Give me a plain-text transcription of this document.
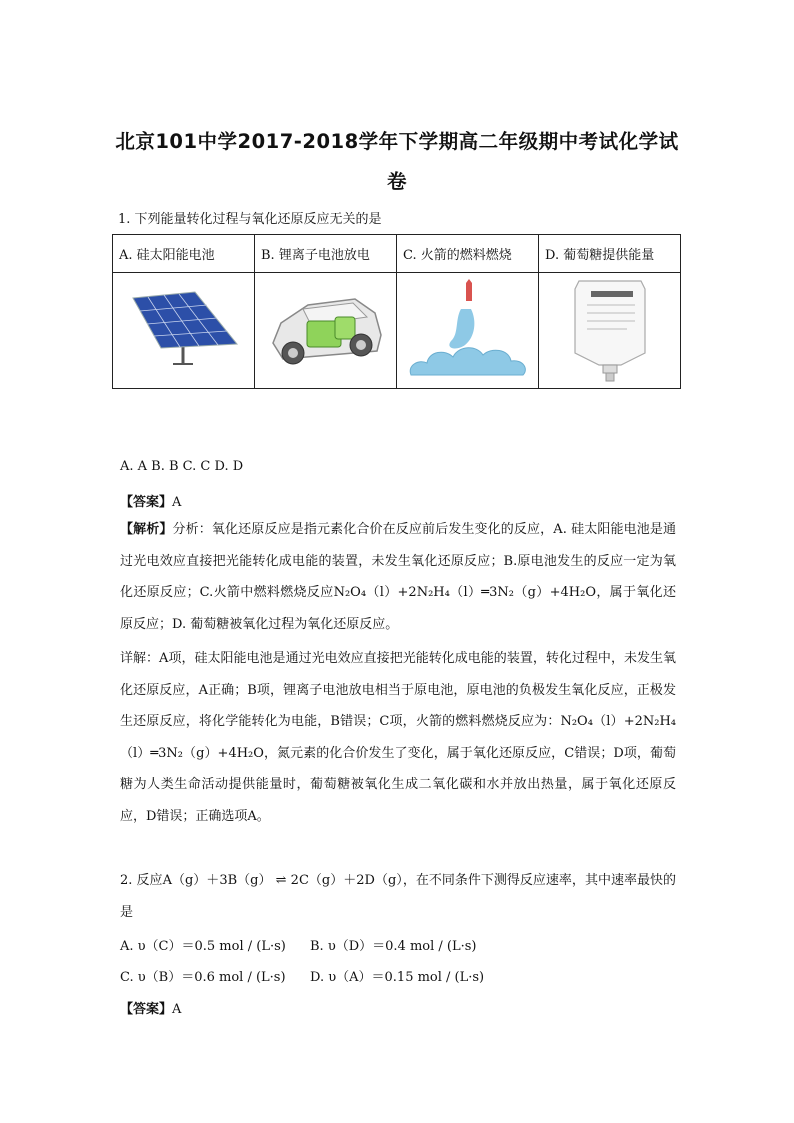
北京101中学2017-2018学年下学期高二年级期中考试化学试卷
1. 下列能量转化过程与氧化还原反应无关的是
A. 硅太阳能电池	B. 锂离子电池放电	C. 火箭的燃料燃烧	D. 葡萄糖提供能量

A. A B. B C. C D. D
【答案】A
【解析】分析：氧化还原反应是指元素化合价在反应前后发生变化的反应，A. 硅太阳能电池是通过光电效应直接把光能转化成电能的装置，未发生氧化还原反应；B.原电池发生的反应一定为氧化还原反应；C.火箭中燃料燃烧反应N₂O₄（l）+2N₂H₄（l）═3N₂（g）+4H₂O，属于氧化还原反应；D. 葡萄糖被氧化过程为氧化还原反应。
详解：A项，硅太阳能电池是通过光电效应直接把光能转化成电能的装置，转化过程中，未发生氧化还原反应，A正确；B项，锂离子电池放电相当于原电池，原电池的负极发生氧化反应，正极发生还原反应，将化学能转化为电能，B错误；C项，火箭的燃料燃烧反应为：N₂O₄（l）+2N₂H₄（l）═3N₂（g）+4H₂O，氮元素的化合价发生了变化，属于氧化还原反应，C错误；D项，葡萄糖为人类生命活动提供能量时，葡萄糖被氧化生成二氧化碳和水并放出热量，属于氧化还原反应，D错误；正确选项A。
2. 反应A（g）＋3B（g） ⇌ 2C（g）＋2D（g），在不同条件下测得反应速率，其中速率最快的是
A. υ（C）＝0.5 mol / (L·s) B. υ（D）＝0.4 mol / (L·s)
C. υ（B）＝0.6 mol / (L·s) D. υ（A）＝0.15 mol / (L·s)
【答案】A
